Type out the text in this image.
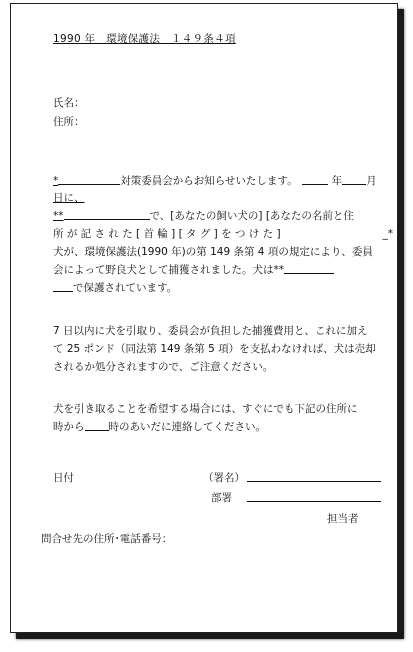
1990 年　環境保護法　１４９条４項
氏名：
住所：
*	対策委員会からお知らせいたします。	年 月
日に、
**	で、[あなたの飼い犬の] [あなたの名前と住
所 が 記 さ れ た [ 首 輪 ] [ タ グ ] を つ け た ]	_*
犬が、環境保護法(1990 年)の第 149 条第 4 項の規定により、委員
会によって野良犬として捕獲されました。犬は**
で保護されています。
7 日以内に犬を引取り、委員会が負担した捕獲費用と、これに加え
て 25 ポンド（同法第 149 条第 5 項）を支払わなければ、犬は売却
されるか処分されますので、ご注意ください。
犬を引き取ることを希望する場合には、すぐにでも下記の住所に
時から 時のあいだに連絡してください。
日付	（署名）
部署
担当者
問合せ先の住所･電話番号：
